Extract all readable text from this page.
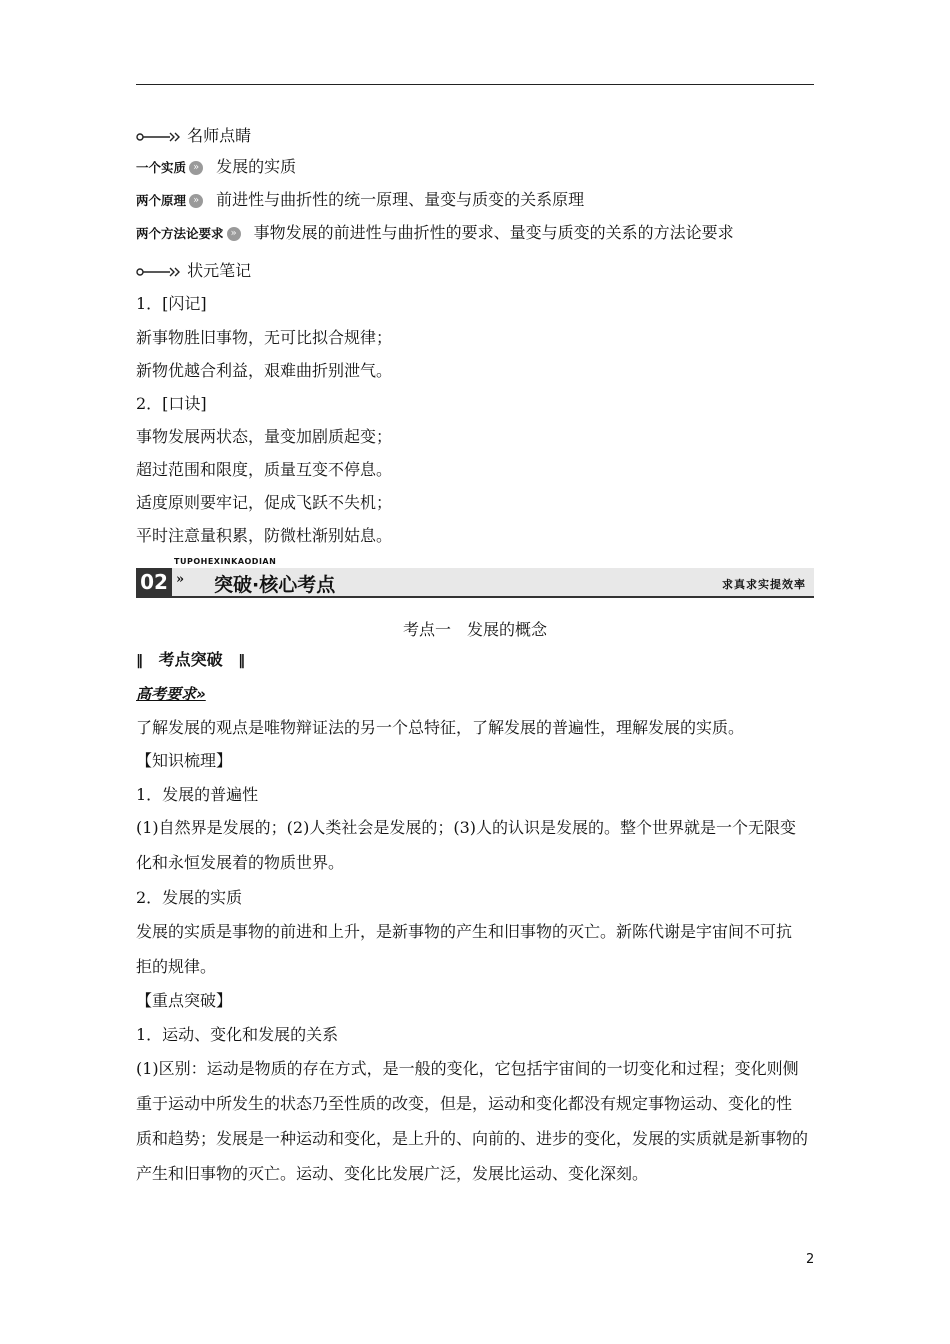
名师点睛
一个实质 » 发展的实质
两个原理 » 前进性与曲折性的统一原理、量变与质变的关系原理
两个方法论要求 » 事物发展的前进性与曲折性的要求、量变与质变的关系的方法论要求
状元笔记
1．[闪记]
新事物胜旧事物，无可比拟合规律；
新物优越合利益，艰难曲折别泄气。
2．[口诀]
事物发展两状态，量变加剧质起变；
超过范围和限度，质量互变不停息。
适度原则要牢记，促成飞跃不失机；
平时注意量积累，防微杜渐别姑息。
02
TUPOHEXINKAODIAN
» 突破·核心考点	求真求实提效率
考点一　发展的概念
‖ 考点突破 ‖
高考要求»
了解发展的观点是唯物辩证法的另一个总特征，了解发展的普遍性，理解发展的实质。
【知识梳理】
1．发展的普遍性
(1)自然界是发展的；(2)人类社会是发展的；(3)人的认识是发展的。整个世界就是一个无限变
化和永恒发展着的物质世界。
2．发展的实质
发展的实质是事物的前进和上升，是新事物的产生和旧事物的灭亡。新陈代谢是宇宙间不可抗
拒的规律。
【重点突破】
1．运动、变化和发展的关系
(1)区别：运动是物质的存在方式，是一般的变化，它包括宇宙间的一切变化和过程；变化则侧
重于运动中所发生的状态乃至性质的改变，但是，运动和变化都没有规定事物运动、变化的性
质和趋势；发展是一种运动和变化，是上升的、向前的、进步的变化，发展的实质就是新事物的
产生和旧事物的灭亡。运动、变化比发展广泛，发展比运动、变化深刻。
2
